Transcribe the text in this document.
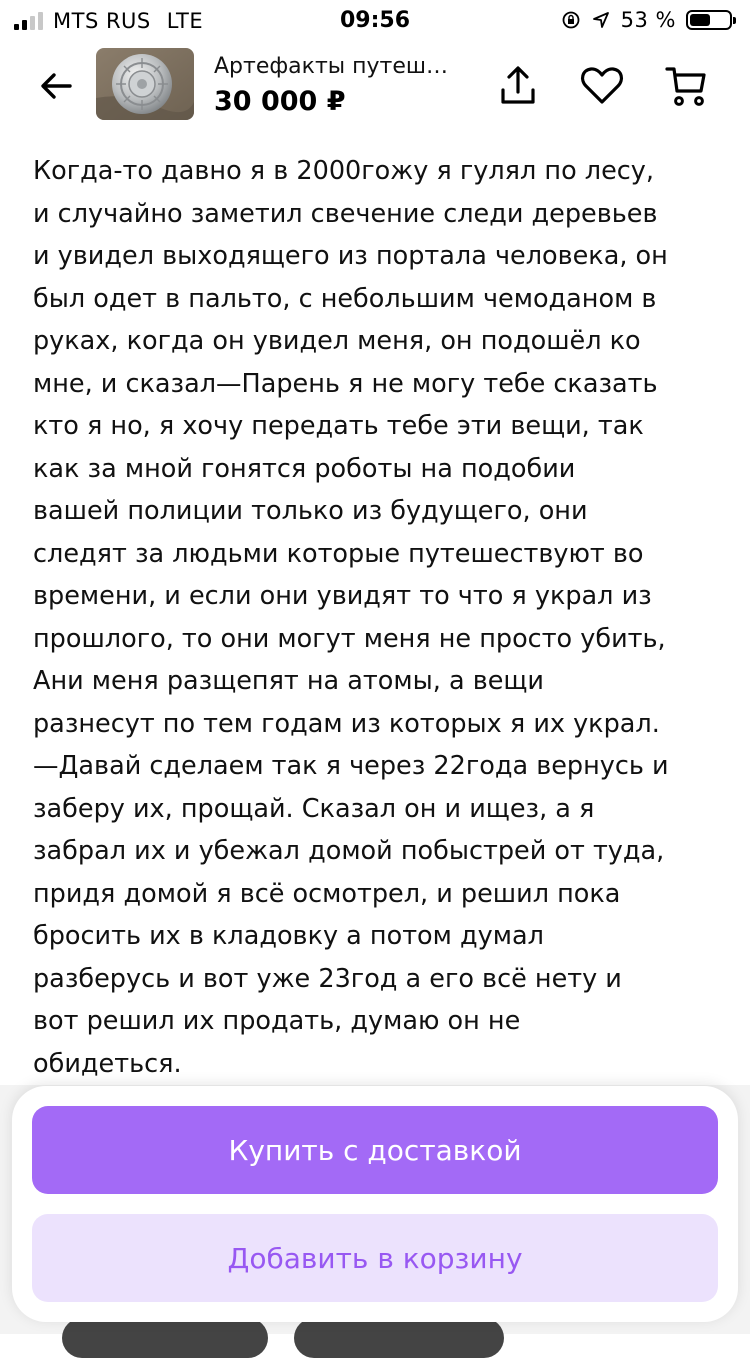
MTS RUS LTE	09:56	53 %
Артефакты путеш…
30 000 ₽

Когда-то давно я в 2000гожу я гулял по лесу,

и случайно заметил свечение следи деревьев

и увидел выходящего из портала человека, он

был одет в пальто, с небольшим чемоданом в

руках, когда он увидел меня, он подошёл ко

мне, и сказал—Парень я не могу тебе сказать

кто я но, я хочу передать тебе эти вещи, так

как за мной гонятся роботы на подобии

вашей полиции только из будущего, они

следят за людьми которые путешествуют во

времени, и если они увидят то что я украл из

прошлого, то они могут меня не просто убить,

Ани меня разщепят на атомы, а вещи

разнесут по тем годам из которых я их украл.

—Давай сделаем так я через 22года вернусь и

заберу их, прощай. Сказал он и ищез, а я

забрал их и убежал домой побыстрей от туда,

придя домой я всё осмотрел, и решил пока

бросить их в кладовку а потом думал

разберусь и вот уже 23год а его всё нету и

вот решил их продать, думаю он не

обидеться.

Купить с доставкой
Добавить в корзину
